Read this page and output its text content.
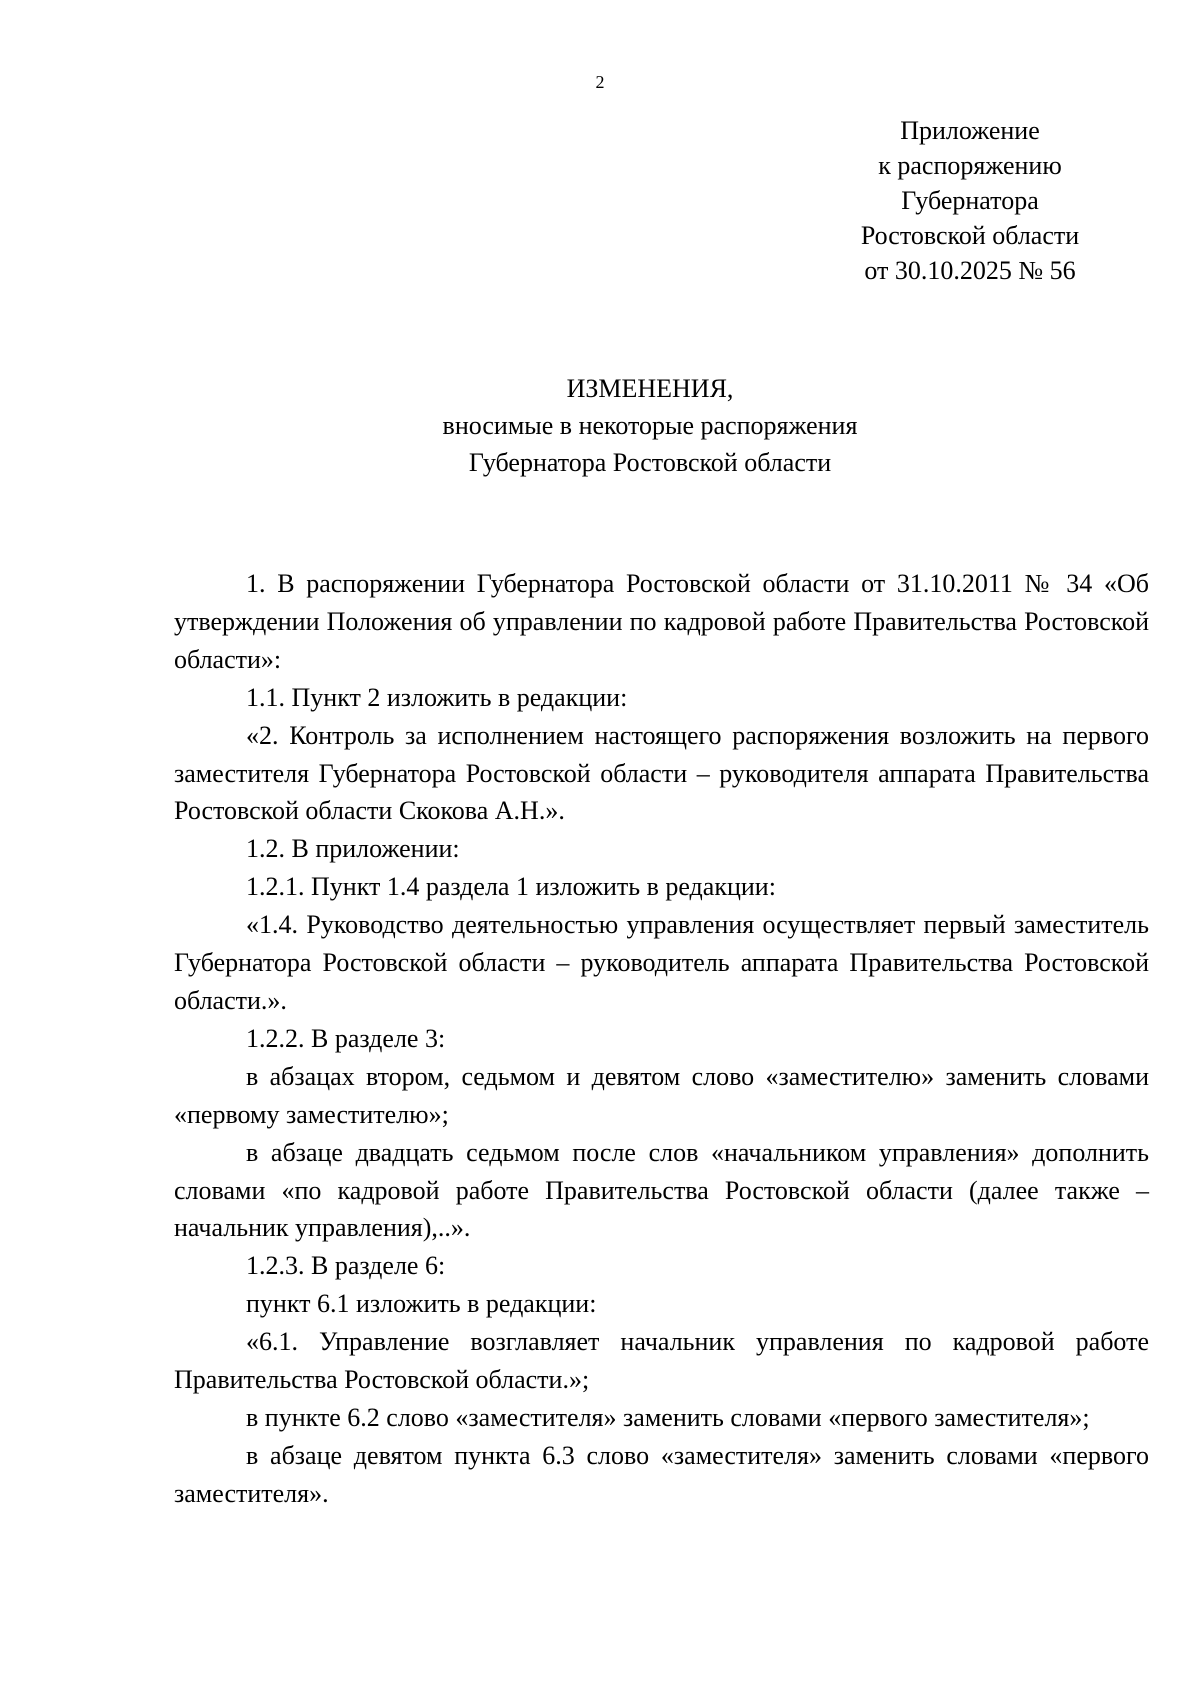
2
Приложение
к распоряжению
Губернатора
Ростовской области
от 30.10.2025 № 56
ИЗМЕНЕНИЯ,
вносимые в некоторые распоряжения
Губернатора Ростовской области

1. В распоряжении Губернатора Ростовской области от 31.10.2011 № 34 «Об утверждении Положения об управлении по кадровой работе Правительства Ростовской области»:

1.1. Пункт 2 изложить в редакции:

«2. Контроль за исполнением настоящего распоряжения возложить на первого заместителя Губернатора Ростовской области – руководителя аппарата Правительства Ростовской области Скокова А.Н.».

1.2. В приложении:

1.2.1. Пункт 1.4 раздела 1 изложить в редакции:

«1.4. Руководство деятельностью управления осуществляет первый заместитель Губернатора Ростовской области – руководитель аппарата Правительства Ростовской области.».

1.2.2. В разделе 3:

в абзацах втором, седьмом и девятом слово «заместителю» заменить словами «первому заместителю»;

в абзаце двадцать седьмом после слов «начальником управления» дополнить словами «по кадровой работе Правительства Ростовской области (далее также – начальник управления),..».

1.2.3. В разделе 6:

пункт 6.1 изложить в редакции:

«6.1. Управление возглавляет начальник управления по кадровой работе Правительства Ростовской области.»;

в пункте 6.2 слово «заместителя» заменить словами «первого заместителя»;

в абзаце девятом пункта 6.3 слово «заместителя» заменить словами «первого заместителя».
